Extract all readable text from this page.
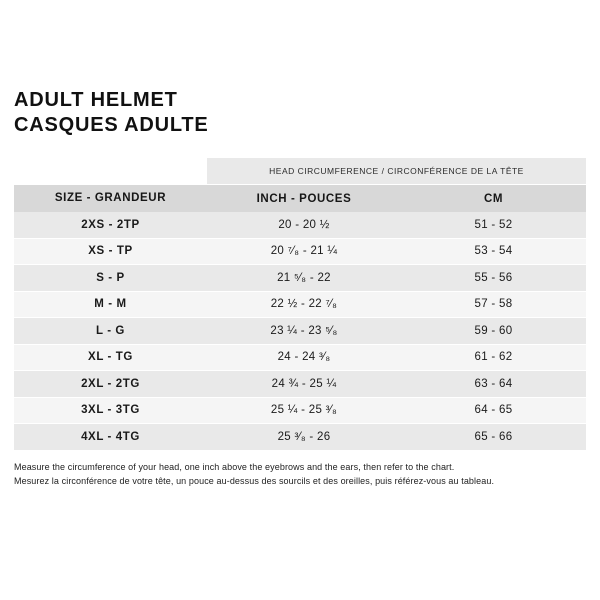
ADULT HELMET
CASQUES ADULTE
	HEAD CIRCUMFERENCE / CIRCONFÉRENCE DE LA TÊTE	
SIZE - GRANDEUR	INCH - POUCES	CM
2XS - 2TP	20 - 20 ½	51 - 52
XS - TP	20 ⁷⁄₈ - 21 ¼	53 - 54
S - P	21 ⁵⁄₈ - 22	55 - 56
M - M	22 ½ - 22 ⁷⁄₈	57 - 58
L - G	23 ¼ - 23 ⁵⁄₈	59 - 60
XL - TG	24 - 24 ³⁄₈	61 - 62
2XL - 2TG	24 ¾ - 25 ¼	63 - 64
3XL - 3TG	25 ¼ - 25 ³⁄₈	64 - 65
4XL - 4TG	25 ³⁄₈ - 26	65 - 66
Measure the circumference of your head, one inch above the eyebrows and the ears, then refer to the chart.
Mesurez la circonférence de votre tête, un pouce au-dessus des sourcils et des oreilles, puis référez-vous au tableau.
